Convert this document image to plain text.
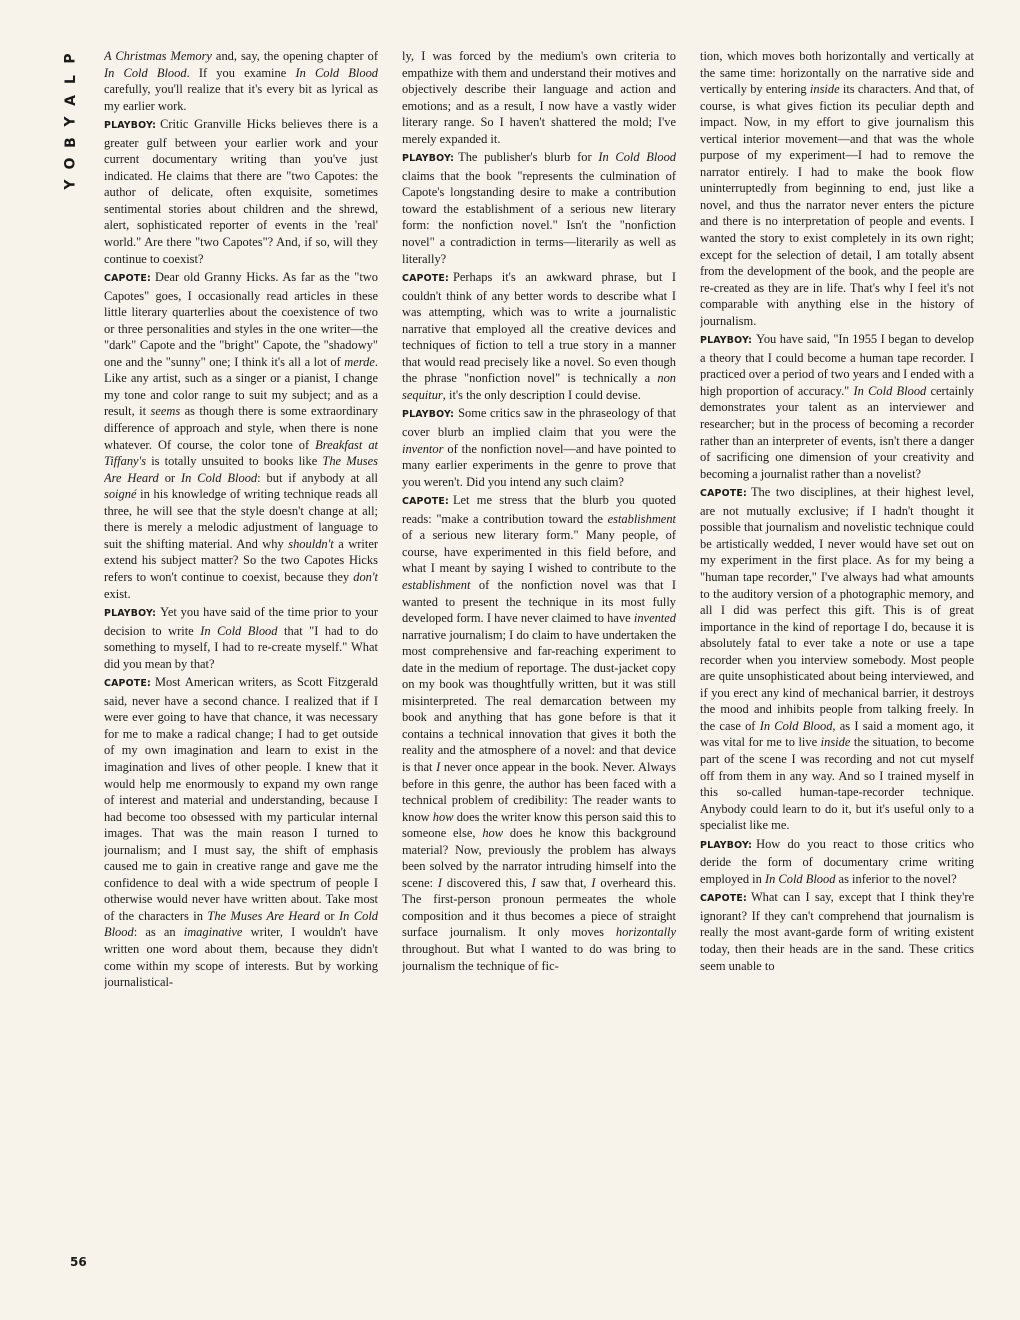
P
L
A
Y
B
O
Y

A Christmas Memory and, say, the opening chapter of In Cold Blood. If you examine In Cold Blood carefully, you'll realize that it's every bit as lyrical as my earlier work.

PLAYBOY: Critic Granville Hicks believes there is a greater gulf between your earlier work and your current documentary writing than you've just indicated. He claims that there are "two Capotes: the author of delicate, often exquisite, sometimes sentimental stories about children and the shrewd, alert, sophisticated reporter of events in the 'real' world." Are there "two Capotes"? And, if so, will they continue to coexist?

CAPOTE: Dear old Granny Hicks. As far as the "two Capotes" goes, I occasionally read articles in these little literary quarterlies about the coexistence of two or three personalities and styles in the one writer—the "dark" Capote and the "bright" Capote, the "shadowy" one and the "sunny" one; I think it's all a lot of merde. Like any artist, such as a singer or a pianist, I change my tone and color range to suit my subject; and as a result, it seems as though there is some extraordinary difference of approach and style, when there is none whatever. Of course, the color tone of Breakfast at Tiffany's is totally unsuited to books like The Muses Are Heard or In Cold Blood: but if anybody at all soigné in his knowledge of writing technique reads all three, he will see that the style doesn't change at all; there is merely a melodic adjustment of language to suit the shifting material. And why shouldn't a writer extend his subject matter? So the two Capotes Hicks refers to won't continue to coexist, because they don't exist.

PLAYBOY: Yet you have said of the time prior to your decision to write In Cold Blood that "I had to do something to myself, I had to re-create myself." What did you mean by that?

CAPOTE: Most American writers, as Scott Fitzgerald said, never have a second chance. I realized that if I were ever going to have that chance, it was necessary for me to make a radical change; I had to get outside of my own imagination and learn to exist in the imagination and lives of other people. I knew that it would help me enormously to expand my own range of interest and material and understanding, because I had become too obsessed with my particular internal images. That was the main reason I turned to journalism; and I must say, the shift of emphasis caused me to gain in creative range and gave me the confidence to deal with a wide spectrum of people I otherwise would never have written about. Take most of the characters in The Muses Are Heard or In Cold Blood: as an imaginative writer, I wouldn't have written one word about them, because they didn't come within my scope of interests. But by working journalistical-

ly, I was forced by the medium's own criteria to empathize with them and understand their motives and objectively describe their language and action and emotions; and as a result, I now have a vastly wider literary range. So I haven't shattered the mold; I've merely expanded it.

PLAYBOY: The publisher's blurb for In Cold Blood claims that the book "represents the culmination of Capote's longstanding desire to make a contribution toward the establishment of a serious new literary form: the nonfiction novel." Isn't the "nonfiction novel" a contradiction in terms—literarily as well as literally?

CAPOTE: Perhaps it's an awkward phrase, but I couldn't think of any better words to describe what I was attempting, which was to write a journalistic narrative that employed all the creative devices and techniques of fiction to tell a true story in a manner that would read precisely like a novel. So even though the phrase "nonfiction novel" is technically a non sequitur, it's the only description I could devise.

PLAYBOY: Some critics saw in the phraseology of that cover blurb an implied claim that you were the inventor of the nonfiction novel—and have pointed to many earlier experiments in the genre to prove that you weren't. Did you intend any such claim?

CAPOTE: Let me stress that the blurb you quoted reads: "make a contribution toward the establishment of a serious new literary form." Many people, of course, have experimented in this field before, and what I meant by saying I wished to contribute to the establishment of the nonfiction novel was that I wanted to present the technique in its most fully developed form. I have never claimed to have invented narrative journalism; I do claim to have undertaken the most comprehensive and far-reaching experiment to date in the medium of reportage. The dust-jacket copy on my book was thoughtfully written, but it was still misinterpreted. The real demarcation between my book and anything that has gone before is that it contains a technical innovation that gives it both the reality and the atmosphere of a novel: and that device is that I never once appear in the book. Never. Always before in this genre, the author has been faced with a technical problem of credibility: The reader wants to know how does the writer know this person said this to someone else, how does he know this background material? Now, previously the problem has always been solved by the narrator intruding himself into the scene: I discovered this, I saw that, I overheard this. The first-person pronoun permeates the whole composition and it thus becomes a piece of straight surface journalism. It only moves horizontally throughout. But what I wanted to do was bring to journalism the technique of fic-

tion, which moves both horizontally and vertically at the same time: horizontally on the narrative side and vertically by entering inside its characters. And that, of course, is what gives fiction its peculiar depth and impact. Now, in my effort to give journalism this vertical interior movement—and that was the whole purpose of my experiment—I had to remove the narrator entirely. I had to make the book flow uninterruptedly from beginning to end, just like a novel, and thus the narrator never enters the picture and there is no interpretation of people and events. I wanted the story to exist completely in its own right; except for the selection of detail, I am totally absent from the development of the book, and the people are re-created as they are in life. That's why I feel it's not comparable with anything else in the history of journalism.

PLAYBOY: You have said, "In 1955 I began to develop a theory that I could become a human tape recorder. I practiced over a period of two years and I ended with a high proportion of accuracy." In Cold Blood certainly demonstrates your talent as an interviewer and researcher; but in the process of becoming a recorder rather than an interpreter of events, isn't there a danger of sacrificing one dimension of your creativity and becoming a journalist rather than a novelist?

CAPOTE: The two disciplines, at their highest level, are not mutually exclusive; if I hadn't thought it possible that journalism and novelistic technique could be artistically wedded, I never would have set out on my experiment in the first place. As for my being a "human tape recorder," I've always had what amounts to the auditory version of a photographic memory, and all I did was perfect this gift. This is of great importance in the kind of reportage I do, because it is absolutely fatal to ever take a note or use a tape recorder when you interview somebody. Most people are quite unsophisticated about being interviewed, and if you erect any kind of mechanical barrier, it destroys the mood and inhibits people from talking freely. In the case of In Cold Blood, as I said a moment ago, it was vital for me to live inside the situation, to become part of the scene I was recording and not cut myself off from them in any way. And so I trained myself in this so-called human-tape-recorder technique. Anybody could learn to do it, but it's useful only to a specialist like me.

PLAYBOY: How do you react to those critics who deride the form of documentary crime writing employed in In Cold Blood as inferior to the novel?

CAPOTE: What can I say, except that I think they're ignorant? If they can't comprehend that journalism is really the most avant-garde form of writing existent today, then their heads are in the sand. These critics seem unable to

56
